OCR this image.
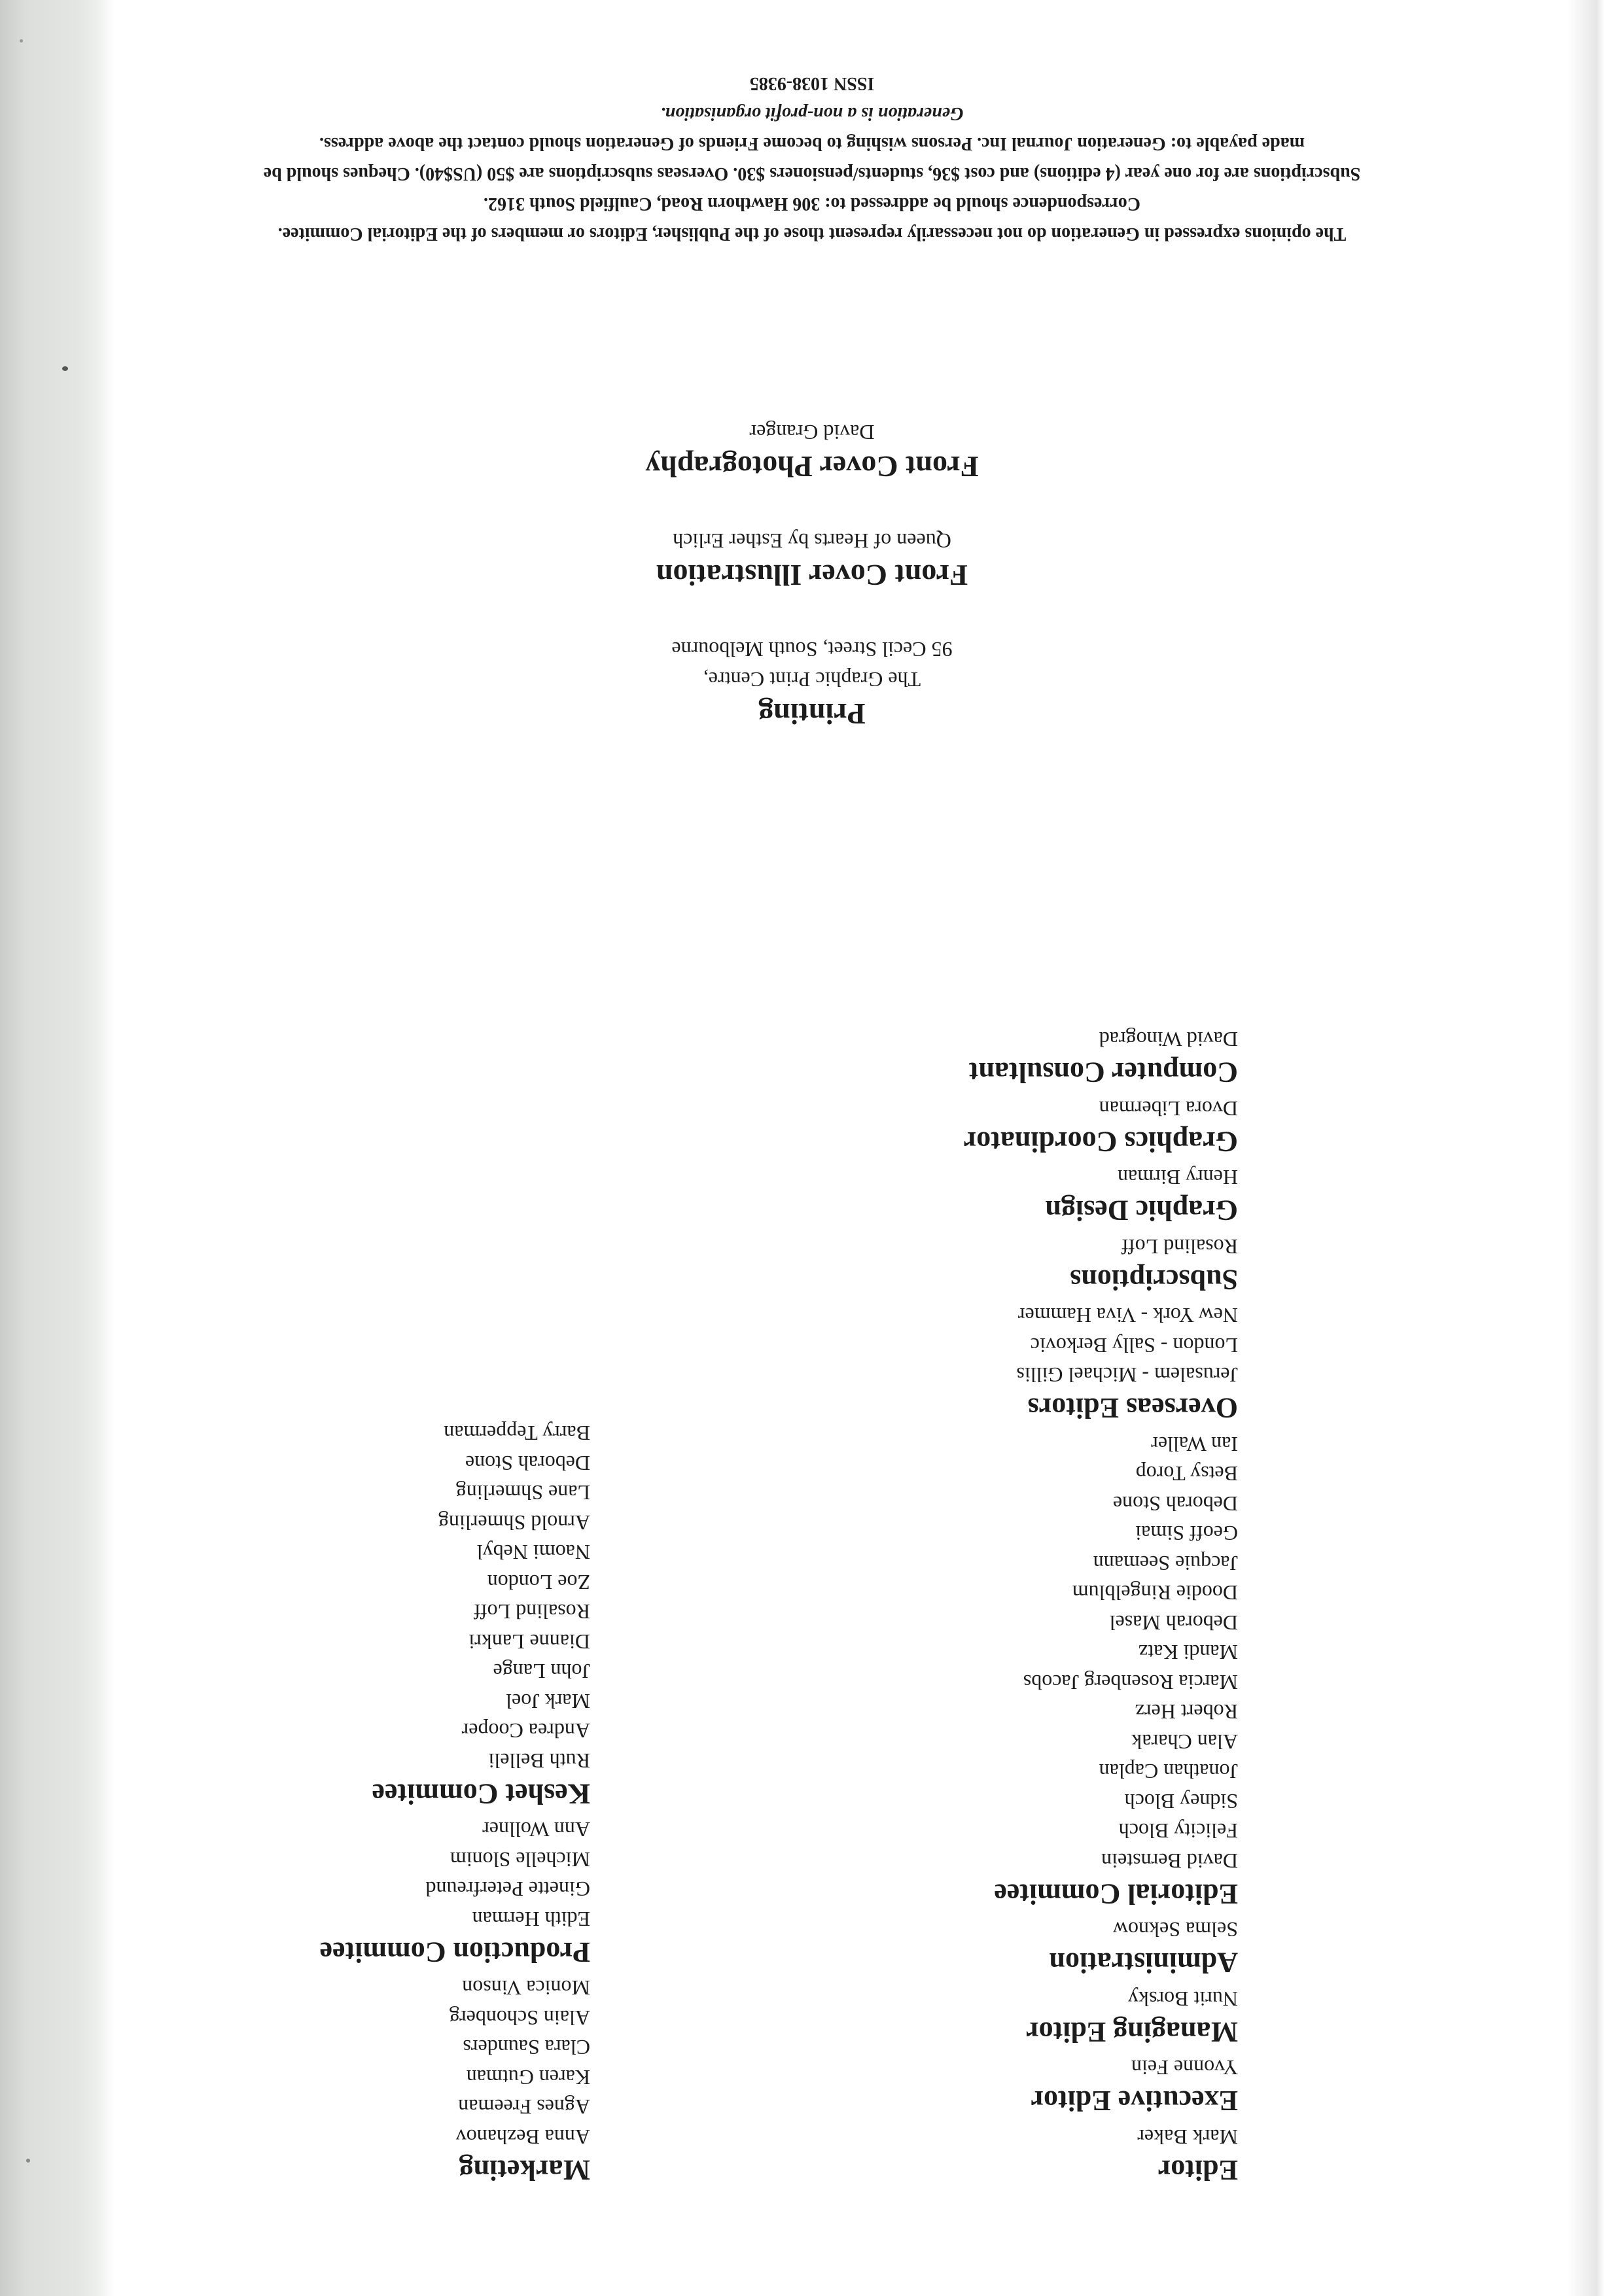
Editor

Mark Baker

Executive Editor

Yvonne Fein

Managing Editor

Nurit Borsky

Administration

Selma Seknow

Editorial Commitee

David Bernstein

Felicity Bloch

Sidney Bloch

Jonathan Caplan

Alan Charak

Robert Herz

Marcia Rosenberg Jacobs

Mandi Katz

Deborah Masel

Doodie Ringelblum

Jacquie Seemann

Geoff Simai

Deborah Stone

Betsy Torop

Ian Waller

Overseas Editors

Jerusalem - Michael Gillis

London - Sally Berkovic

New York - Viva Hammer

Subscriptions

Rosalind Loff

Graphic Design

Henry Birman

Graphics Coordinator

Dvora Liberman

Computer Consultant

David Winograd

Marketing

Anna Bezhanov

Agnes Freeman

Karen Gutman

Clara Saunders

Alain Schonberg

Monica Vinson

Production Commitee

Edith Herman

Ginette Peterfreund

Michelle Slonim

Ann Wollner

Keshet Commitee

Ruth Belleli

Andrea Cooper

Mark Joel

John Lange

Dianne Lankri

Rosalind Loff

Zoe London

Naomi Nebyl

Arnold Shmerling

Lane Shmerling

Deborah Stone

Barry Tepperman

Printing

The Graphic Print Centre,

95 Cecil Street, South Melbourne

Front Cover Illustration

Queen of Hearts by Esther Erlich

Front Cover Photography

David Granger

The opinions expressed in Generation do not necessarily represent those of the Publisher, Editors or members of the Editorial Commitee.

Correspondence should be addressed to: 306 Hawthorn Road, Caulfield South 3162.

Subscriptions are for one year (4 editions) and cost $36, students/pensioners $30. Overseas subscriptions are $50 (US$40). Cheques should be

made payable to: Generation Journal Inc. Persons wishing to become Friends of Generation should contact the above address.

Generation is a non-profit organisation.

ISSN 1038-9385
